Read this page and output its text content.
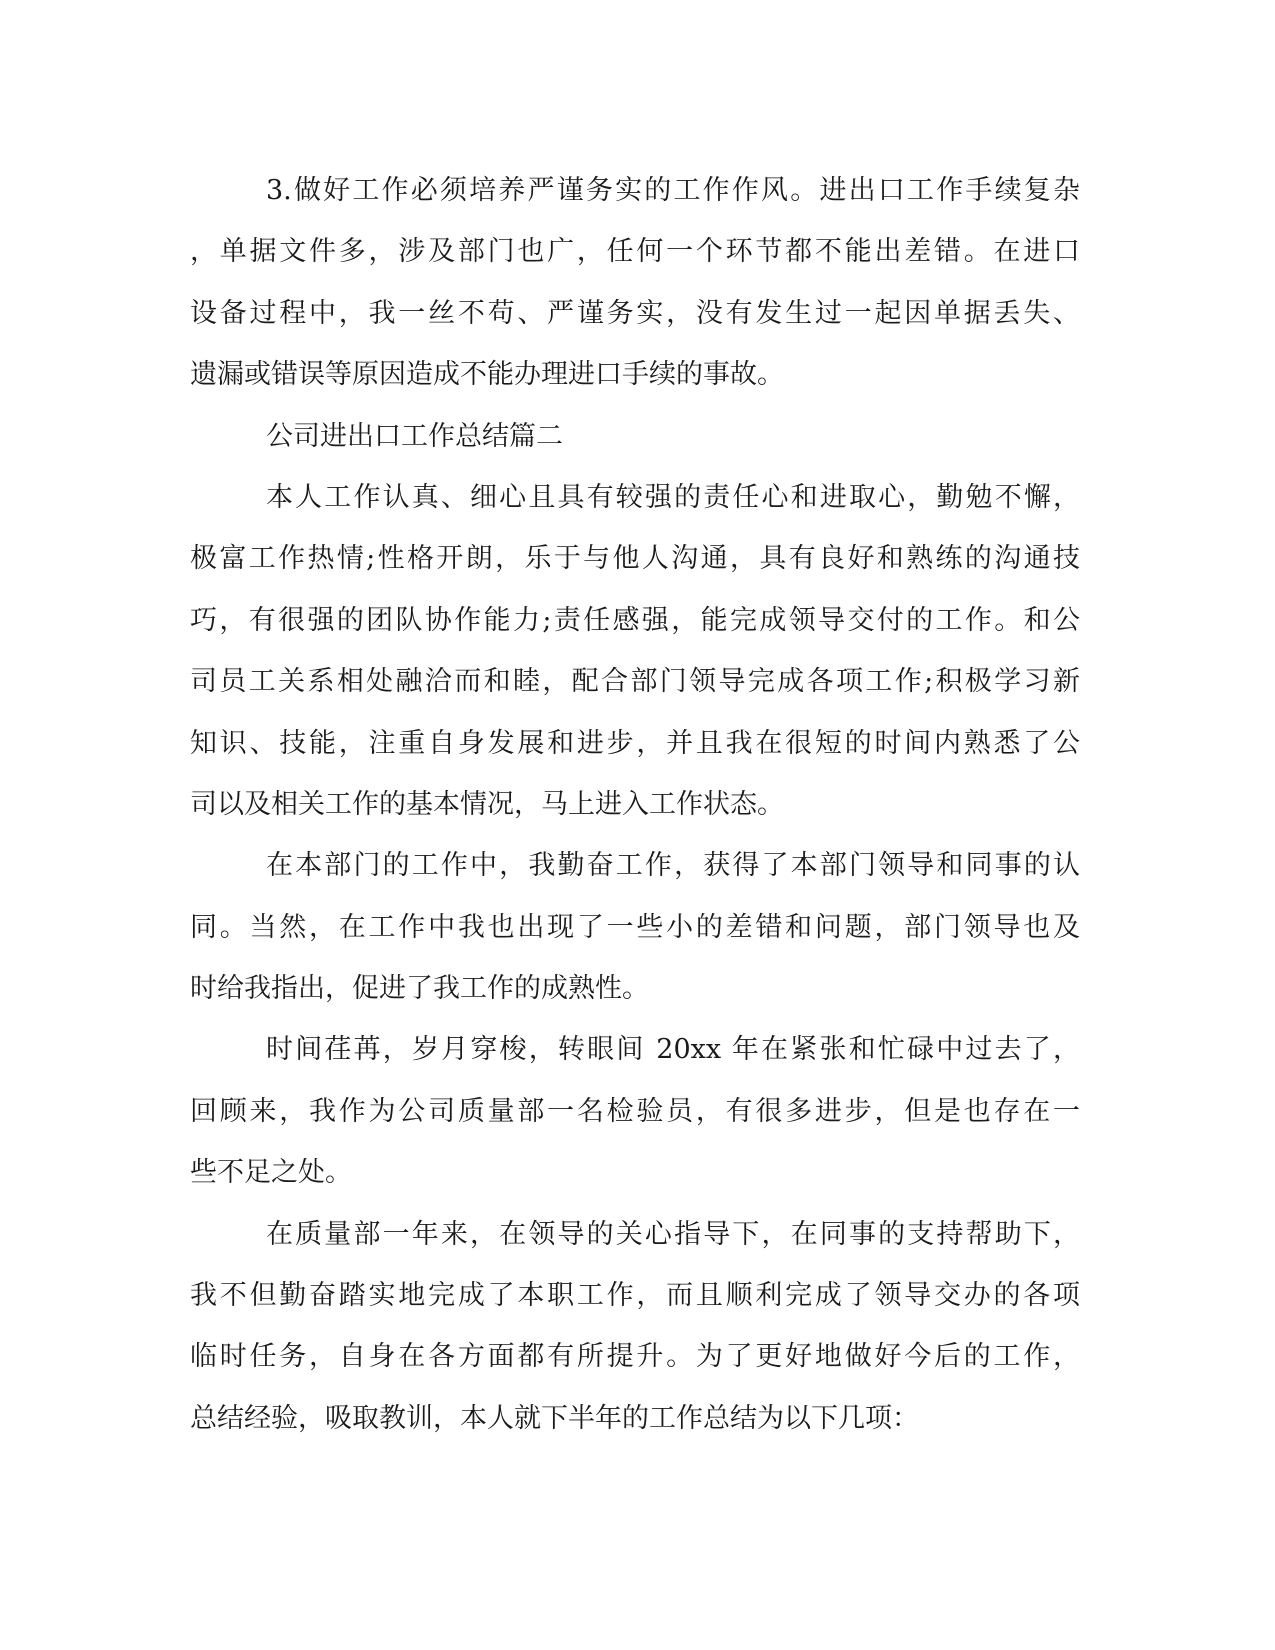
3.做好工作必须培养严谨务实的工作作风。进出口工作手续复杂
，单据文件多，涉及部门也广，任何一个环节都不能出差错。在进口
设备过程中，我一丝不苟、严谨务实，没有发生过一起因单据丢失、
遗漏或错误等原因造成不能办理进口手续的事故。
公司进出口工作总结篇二
本人工作认真、细心且具有较强的责任心和进取心，勤勉不懈，
极富工作热情;性格开朗，乐于与他人沟通，具有良好和熟练的沟通技
巧，有很强的团队协作能力;责任感强，能完成领导交付的工作。和公
司员工关系相处融洽而和睦，配合部门领导完成各项工作;积极学习新
知识、技能，注重自身发展和进步，并且我在很短的时间内熟悉了公
司以及相关工作的基本情况，马上进入工作状态。
在本部门的工作中，我勤奋工作，获得了本部门领导和同事的认
同。当然，在工作中我也出现了一些小的差错和问题，部门领导也及
时给我指出，促进了我工作的成熟性。
时间荏苒，岁月穿梭，转眼间 20xx 年在紧张和忙碌中过去了，
回顾来，我作为公司质量部一名检验员，有很多进步，但是也存在一
些不足之处。
在质量部一年来，在领导的关心指导下，在同事的支持帮助下，
我不但勤奋踏实地完成了本职工作，而且顺利完成了领导交办的各项
临时任务，自身在各方面都有所提升。为了更好地做好今后的工作，
总结经验，吸取教训，本人就下半年的工作总结为以下几项：
